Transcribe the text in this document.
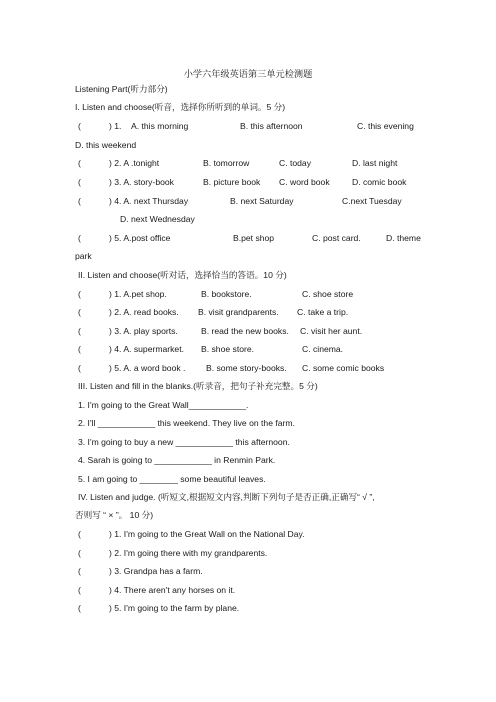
小学六年级英语第三单元检测题
Listening Part(听力部分)
I. Listen and choose(听音，选择你所听到的单词。5 分)
(	) 1. A. this morning	B. this afternoon	C. this evening
D. this weekend
(	) 2. A .tonight	B. tomorrow	C. today	D. last night
(	) 3. A. story-book	B. picture book C. word book	D. comic book
(	) 4. A. next Thursday	B. next Saturday	C.next Tuesday
D. next Wednesday
(	) 5. A.post office	B.pet shop	C. post card.	D. theme
park
II. Listen and choose(听对话，选择恰当的答语。10 分)
(	) 1. A.pet shop.	B. bookstore.	C. shoe store
(	) 2. A. read books. B. visit grandparents. C. take a trip.
(	) 3. A. play sports.	B. read the new books. C. visit her aunt.
(	) 4. A. supermarket. B. shoe store.	C. cinema.
(	) 5. A. a word book . B. some story-books. C. some comic books
III. Listen and fill in the blanks.(听录音，把句子补充完整。5 分)
1. I'm going to the Great Wall____________.
2. I'll ____________ this weekend. They live on the farm.
3. I'm going to buy a new ____________ this afternoon.
4. Sarah is going to ____________ in Renmin Park.
5. I am going to ________ some beautiful leaves.
IV. Listen and judge. (听短文,根据短文内容,判断下列句子是否正确,正确写“ √ ”,
否则写 “ × ”。 10 分)
(	) 1. I'm going to the Great Wall on the National Day.
(	) 2. I'm going there with my grandparents.
(	) 3. Grandpa has a farm.
(	) 4. There aren't any horses on it.
(	) 5. I'm going to the farm by plane.
